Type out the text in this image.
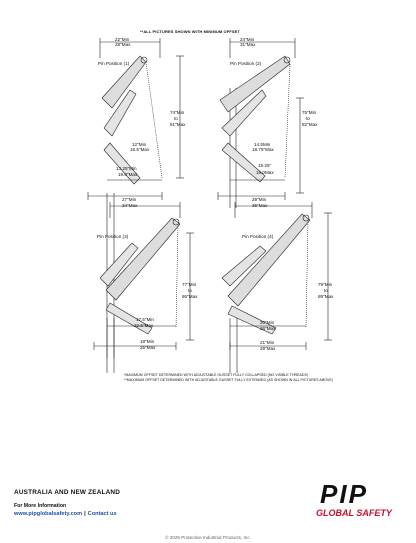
**ALL PICTURES SHOWN WITH MINIMUM OFFSET
22"Min
28"Max
Pin Position (1)
74"Min
to
81"Max
12"Min
16.5"Max
13.25"Min
19.0"Max
24"Min
31"Max
Pin Position (2)
75"Min
to
82"Max
14.5Min
18.75"Max
15.25"
19.0Max
27"Min
34"Max
Pin Position (3)
77"Min
to
86"Max
17.5"Min
22.5"Max
18"Min
25"Max
29"Min
36"Max
Pin Position (4)
79"Min
to
89"Max
20"Min
26"Max
21"Min
29"Max
*MAXIMUM OFFSET DETERMINED WITH ADJUSTABLE GUSSET FULLY COLLAPSED (NO VISIBLE THREADS)
**MAXIMUM OFFSET DETERMINED WITH ADJUSTABLE GUSSET FULLY EXTENDED (AS SHOWN IN ALL PICTURES ABOVE)
AUSTRALIA AND NEW ZEALAND
For More Information
www.pipglobalsafety.com | Contact us
PIP
GLOBAL SAFETY
© 2025 Protective Industrial Products, Inc.
